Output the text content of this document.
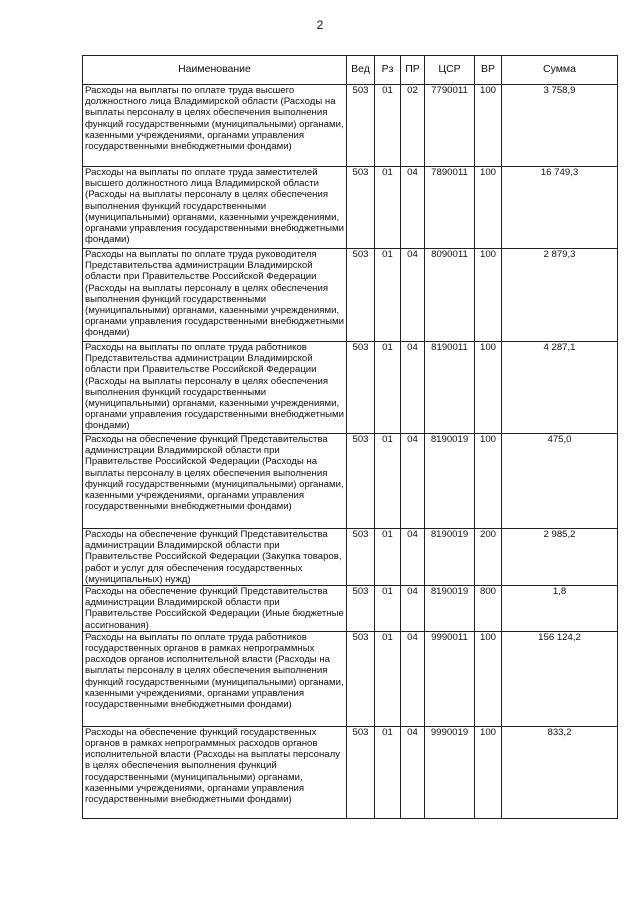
2
Наименование	Вед	Рз	ПР	ЦСР	ВР	Сумма
Расходы на выплаты по оплате труда высшего должностного лица Владимирской области (Расходы на выплаты персоналу в целях обеспечения выполнения функций государственными (муниципальными) органами, казенными учреждениями, органами управления государственными внебюджетными фондами)	503	01	02	7790011	100	3 758,9
Расходы на выплаты по оплате труда заместителей высшего должностного лица Владимирской области (Расходы на выплаты персоналу в целях обеспечения выполнения функций государственными (муниципальными) органами, казенными учреждениями, органами управления государственными внебюджетными фондами)	503	01	04	7890011	100	16 749,3
Расходы на выплаты по оплате труда руководителя Представительства администрации Владимирской области при Правительстве Российской Федерации (Расходы на выплаты персоналу в целях обеспечения выполнения функций государственными (муниципальными) органами, казенными учреждениями, органами управления государственными внебюджетными фондами)	503	01	04	8090011	100	2 879,3
Расходы на выплаты по оплате труда работников Представительства администрации Владимирской области при Правительстве Российской Федерации (Расходы на выплаты персоналу в целях обеспечения выполнения функций государственными (муниципальными) органами, казенными учреждениями, органами управления государственными внебюджетными фондами)	503	01	04	8190011	100	4 287,1
Расходы на обеспечение функций Представительства администрации Владимирской области при Правительстве Российской Федерации (Расходы на выплаты персоналу в целях обеспечения выполнения функций государственными (муниципальными) органами, казенными учреждениями, органами управления государственными внебюджетными фондами)	503	01	04	8190019	100	475,0
Расходы на обеспечение функций Представительства администрации Владимирской области при Правительстве Российской Федерации (Закупка товаров, работ и услуг для обеспечения государственных (муниципальных) нужд)	503	01	04	8190019	200	2 985,2
Расходы на обеспечение функций Представительства администрации Владимирской области при Правительстве Российской Федерации (Иные бюджетные ассигнования)	503	01	04	8190019	800	1,8
Расходы на выплаты по оплате труда работников государственных органов в рамках непрограммных расходов органов исполнительной власти (Расходы на выплаты персоналу в целях обеспечения выполнения функций государственными (муниципальными) органами, казенными учреждениями, органами управления государственными внебюджетными фондами)	503	01	04	9990011	100	156 124,2
Расходы на обеспечение функций государственных органов в рамках непрограммных расходов органов исполнительной власти (Расходы на выплаты персоналу в целях обеспечения выполнения функций государственными (муниципальными) органами, казенными учреждениями, органами управления государственными внебюджетными фондами)	503	01	04	9990019	100	833,2
